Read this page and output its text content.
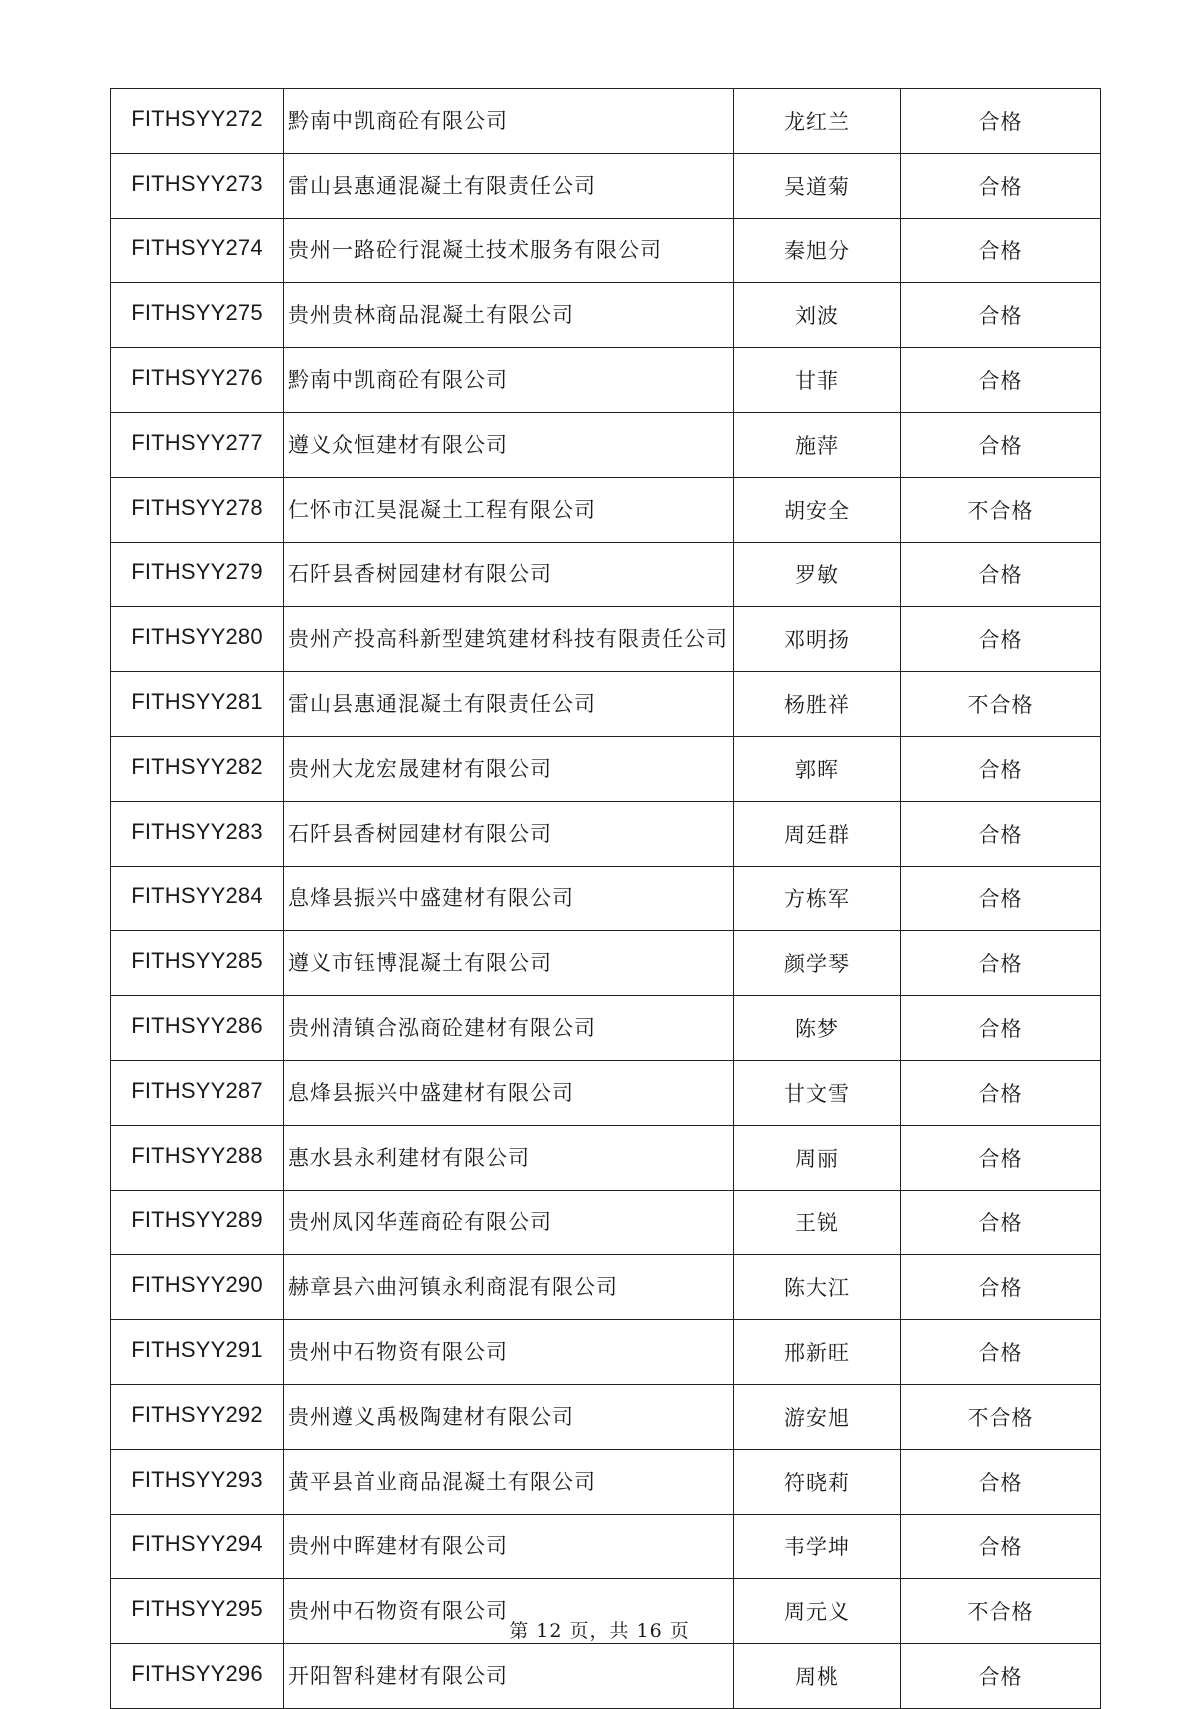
FITHSYY272	黔南中凯商砼有限公司	龙红兰	合格
FITHSYY273	雷山县惠通混凝土有限责任公司	吴道菊	合格
FITHSYY274	贵州一路砼行混凝土技术服务有限公司	秦旭分	合格
FITHSYY275	贵州贵林商品混凝土有限公司	刘波	合格
FITHSYY276	黔南中凯商砼有限公司	甘菲	合格
FITHSYY277	遵义众恒建材有限公司	施萍	合格
FITHSYY278	仁怀市江昊混凝土工程有限公司	胡安全	不合格
FITHSYY279	石阡县香树园建材有限公司	罗敏	合格
FITHSYY280	贵州产投高科新型建筑建材科技有限责任公司	邓明扬	合格
FITHSYY281	雷山县惠通混凝土有限责任公司	杨胜祥	不合格
FITHSYY282	贵州大龙宏晟建材有限公司	郭晖	合格
FITHSYY283	石阡县香树园建材有限公司	周廷群	合格
FITHSYY284	息烽县振兴中盛建材有限公司	方栋军	合格
FITHSYY285	遵义市钰博混凝土有限公司	颜学琴	合格
FITHSYY286	贵州清镇合泓商砼建材有限公司	陈梦	合格
FITHSYY287	息烽县振兴中盛建材有限公司	甘文雪	合格
FITHSYY288	惠水县永利建材有限公司	周丽	合格
FITHSYY289	贵州凤冈华莲商砼有限公司	王锐	合格
FITHSYY290	赫章县六曲河镇永利商混有限公司	陈大江	合格
FITHSYY291	贵州中石物资有限公司	邢新旺	合格
FITHSYY292	贵州遵义禹极陶建材有限公司	游安旭	不合格
FITHSYY293	黄平县首业商品混凝土有限公司	符晓莉	合格
FITHSYY294	贵州中晖建材有限公司	韦学坤	合格
FITHSYY295	贵州中石物资有限公司	周元义	不合格
FITHSYY296	开阳智科建材有限公司	周桃	合格
第 12 页，共 16 页
